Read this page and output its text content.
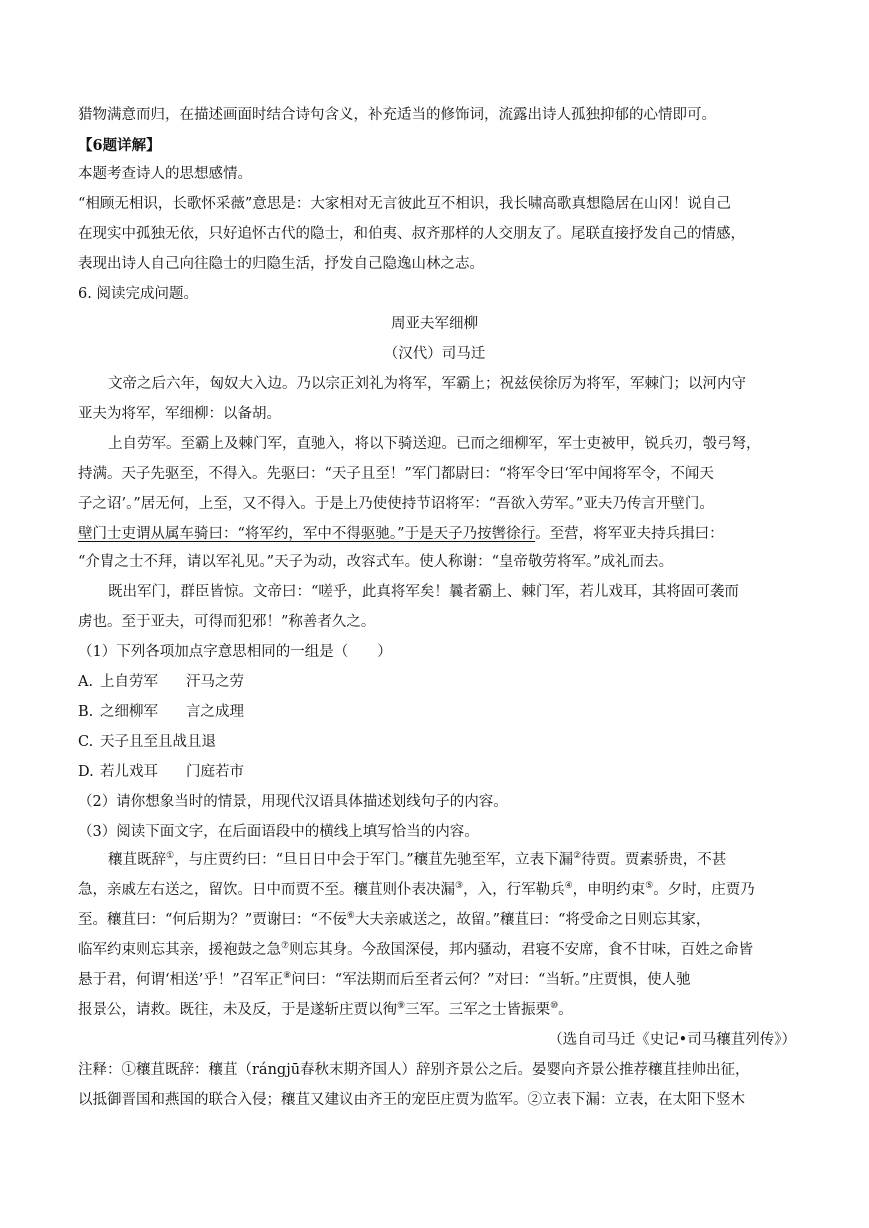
猎物满意而归，在描述画面时结合诗句含义，补充适当的修饰词，流露出诗人孤独抑郁的心情即可。
【6题详解】
本题考查诗人的思想感情。
“相顾无相识，长歌怀采薇”意思是：大家相对无言彼此互不相识，我长啸高歌真想隐居在山冈！说自己
在现实中孤独无依，只好追怀古代的隐士，和伯夷、叔齐那样的人交朋友了。尾联直接抒发自己的情感，
表现出诗人自己向往隐士的归隐生活，抒发自己隐逸山林之志。
6. 阅读完成问题。
周亚夫军细柳
（汉代）司马迁
文帝之后六年，匈奴大入边。乃以宗正刘礼为将军，军霸上；祝兹侯徐厉为将军，军棘门；以河内守
亚夫为将军，军细柳：以备胡。
上自劳军。至霸上及棘门军，直驰入，将以下骑送迎。已而之细柳军，军士吏被甲，锐兵刃，彀弓弩，
持满。天子先驱至，不得入。先驱曰：“天子且至！”军门都尉曰：“将军令曰‘军中闻将军令，不闻天
子之诏’。”居无何，上至，又不得入。于是上乃使使持节诏将军：“吾欲入劳军。”亚夫乃传言开壁门。
壁门士吏谓从属车骑曰：“将军约，军中不得驱驰。”于是天子乃按辔徐行。至营，将军亚夫持兵揖曰：
“介胄之士不拜，请以军礼见。”天子为动，改容式车。使人称谢：“皇帝敬劳将军。”成礼而去。
既出军门，群臣皆惊。文帝曰：“嗟乎，此真将军矣！曩者霸上、棘门军，若儿戏耳，其将固可袭而
虏也。至于亚夫，可得而犯邪！”称善者久之。
（1）下列各项加点字意思相同的一组是（　　）
A. 上自劳军 汗马之劳
B. 之细柳军 言之成理
C. 天子且至且战且退
D. 若儿戏耳 门庭若市
（2）请你想象当时的情景，用现代汉语具体描述划线句子的内容。
（3）阅读下面文字，在后面语段中的横线上填写恰当的内容。
穰苴既辞①，与庄贾约曰：“旦日日中会于军门。”穰苴先驰至军，立表下漏②待贾。贾素骄贵，不甚
急，亲戚左右送之，留饮。日中而贾不至。穰苴则仆表决漏③，入，行军勒兵④，申明约束⑤。夕时，庄贾乃
至。穰苴曰：“何后期为？”贾谢曰：“不佞⑥大夫亲戚送之，故留。”穰苴曰：“将受命之日则忘其家，
临军约束则忘其亲，援袍鼓之急⑦则忘其身。今敌国深侵，邦内骚动，君寝不安席，食不甘味，百姓之命皆
悬于君，何谓‘相送’乎！”召军正⑧问曰：“军法期而后至者云何？”对曰：“当斩。”庄贾惧，使人驰
报景公，请救。既往，未及反，于是遂斩庄贾以徇⑨三军。三军之士皆振栗⑩。
（选自司马迁《史记•司马穰苴列传》）
注释：①穰苴既辞：穰苴（rángjū春秋末期齐国人）辞别齐景公之后。晏婴向齐景公推荐穰苴挂帅出征，
以抵御晋国和燕国的联合入侵；穰苴又建议由齐王的宠臣庄贾为监军。②立表下漏：立表，在太阳下竖木
